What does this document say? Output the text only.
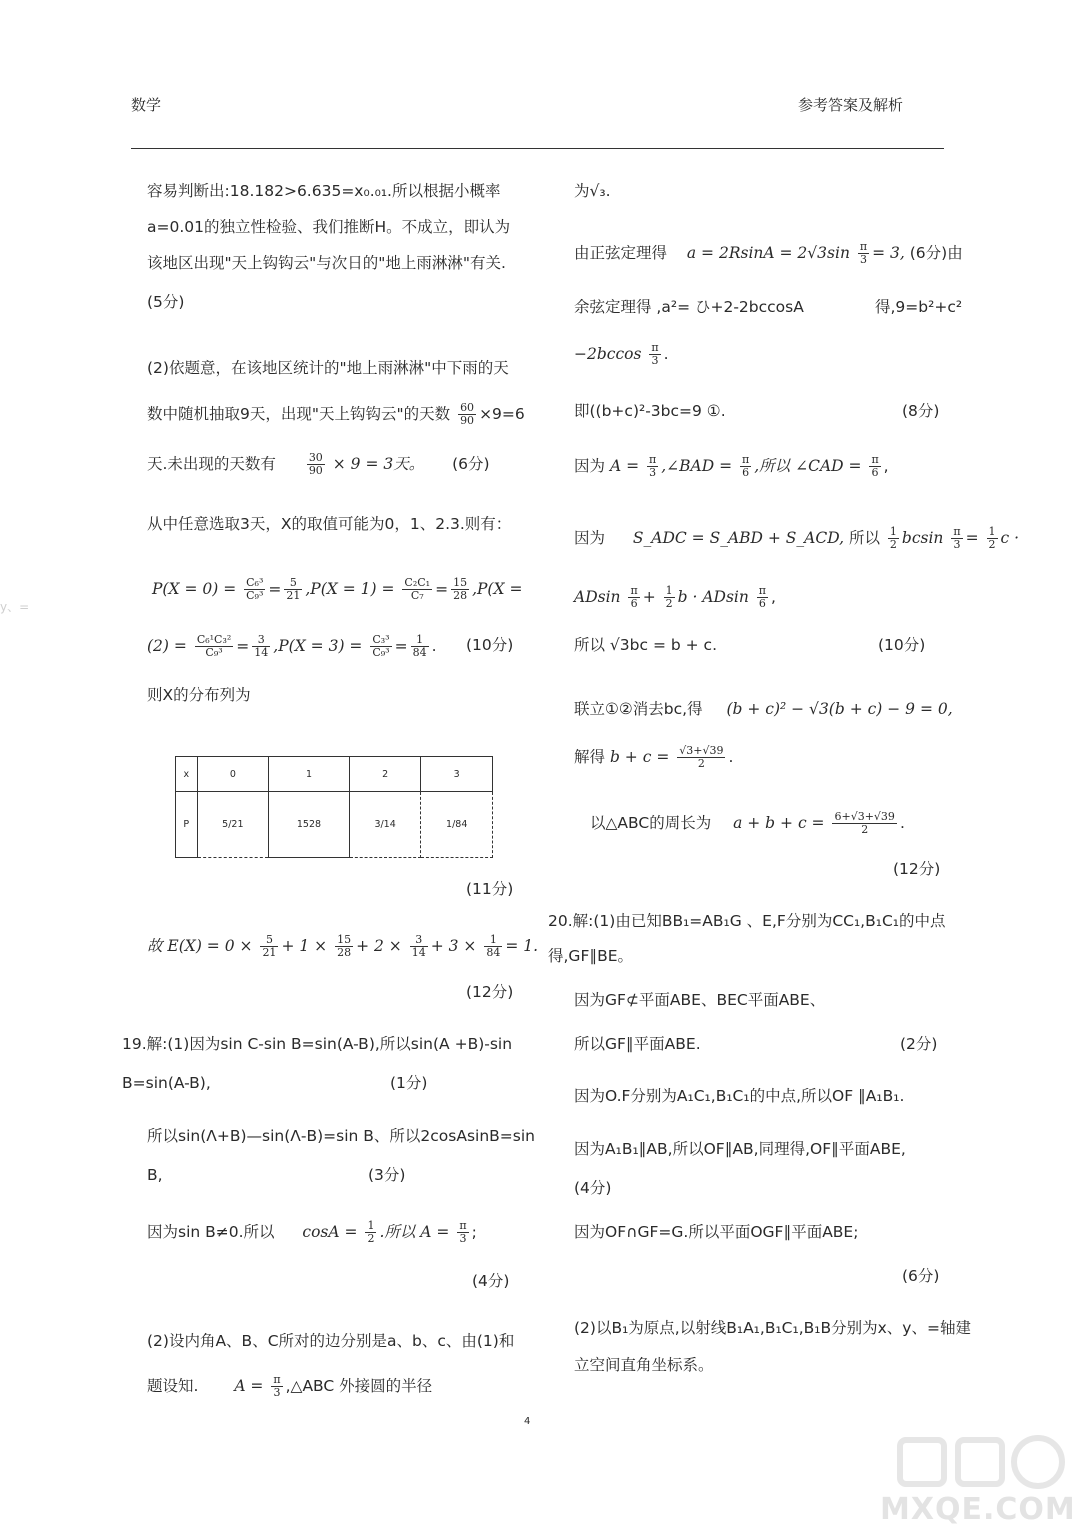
数学	参考答案及解析
y、=
容易判断出:18.182>6.635=x₀.₀₁.所以根据小概率
a=0.01的独立性检验、我们推断H。不成立，即认为
该地区出现"天上钩钩云"与次日的"地上雨淋淋"有关.
(5分)
(2)依题意，在该地区统计的"地上雨淋淋"中下雨的天
数中随机抽取9天，出现"天上钩钩云"的天数 $\frac{60}{90} \times 9=6$
天.未出现的天数有	$\frac{30}{90} \times 9 = 3$天。 (6分)
从中任意选取3天，X的取值可能为0，1、2.3.则有：
$P(X = 0) = \frac{\text{C₆³}}{\text{C₉³}} = \frac{5}{21} ,P(X = 1) = \frac{\text{C₂C₁}}{\text{C₇}} = \frac{15}{28} ,P(X$ =
$(2) = \frac{\text{C₆¹C₃²}}{\text{C₉³}} = \frac{3}{14} ,P(X = 3) = \frac{\text{C₃³}}{\text{C₉³}} = \frac{1}{84}$ . (10分)
则X的分布列为
x	0	1	2	3
P	5/21	1528	3/14	1/84
(11分)
故 $E(X) = 0 \times \frac{5}{21} + 1 \times \frac{15}{28} + 2 \times \frac{3}{14} + 3 \times \frac{1}{84} = 1$.
(12分)
19.解:(1)因为sin C-sin B=sin(A-B),所以sin(A +B)-sin
B=sin(A-B),	(1分)
所以sin(Λ+B)—sin(Λ-B)=sin B、所以2cosAsinB=sin
B,	(3分)
因为sin B≠0.所以 $\cos A = \frac{1}{2}$ .所以 $A = \frac{\pi}{3}$ ;
(4分)
(2)设内角A、B、C所对的边分别是a、b、c、由(1)和
题设知. $A = \frac{\pi}{3}$ ,△ABC 外接圆的半径
为√₃.
由正弦定理得 $a = 2RsinA = 2√3\sin \frac{\pi}{3} = 3$, (6分)由
余弦定理得 ,a²= ひ+2-2bccosA	得,9=b²+c²
$-2bccos \frac{\pi}{3}$ .
即((b+c)²-3bc=9 ①.	(8分)
因为 $A = \frac{\pi}{3}$ ,∠BAD = $\frac{\pi}{6}$ ,所以 ∠CAD = $\frac{\pi}{6}$ ,
因为 S_ADC = S_ABD + S_ACD, 所以 $\frac{1}{2}$ bcsin $\frac{\pi}{3} = \frac{1}{2}$ c ·
ADsin $\frac{\pi}{6} + \frac{1}{2}$ b · ADsin $\frac{\pi}{6}$ ,
所以 √3bc = b + c.	(10分)
联立①②消去bc,得 (b + c)² − √3(b + c) − 9 = 0,
解得 $b + c = \frac{√3+√39}{2}$ .
以△ABC的周长为 $a + b + c = \frac{6+√3+√39}{2}$ .
(12分)
20.解:(1)由已知BB₁=AB₁G 、E,F分别为CC₁,B₁C₁的中点
得,GF∥BE。
因为GF⊄平面ABE、BEC平面ABE、
所以GF∥平面ABE.	(2分)
因为O.F分别为A₁C₁,B₁C₁的中点,所以OF ∥A₁B₁.
因为A₁B₁∥AB,所以OF∥AB,同理得,OF∥平面ABE,
(4分)
因为OF∩GF=G.所以平面OGF∥平面ABE;
(6分)
(2)以B₁为原点,以射线B₁A₁,B₁C₁,B₁B分别为x、y、=轴建
立空间直角坐标系。
4
MXQE.COM
